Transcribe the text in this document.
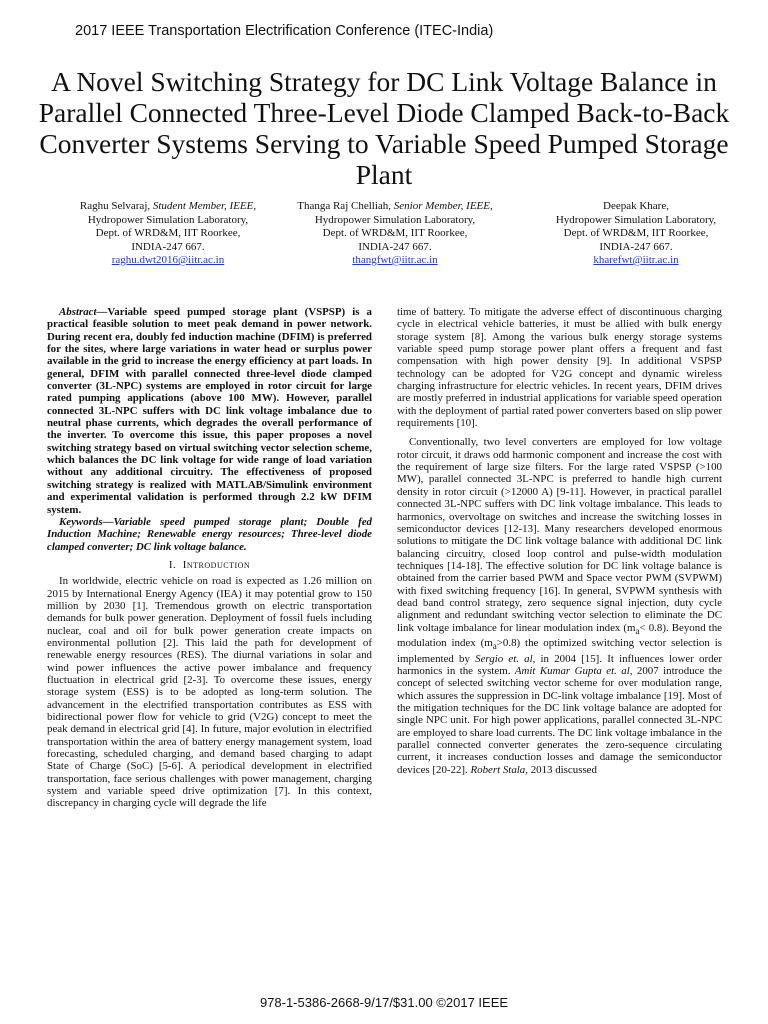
2017 IEEE Transportation Electrification Conference (ITEC-India)
A Novel Switching Strategy for DC Link Voltage Balance in Parallel Connected Three-Level Diode Clamped Back-to-Back Converter Systems Serving to Variable Speed Pumped Storage Plant
Raghu Selvaraj, Student Member, IEEE,
Hydropower Simulation Laboratory,
Dept. of WRD&M, IIT Roorkee,
INDIA-247 667.
raghu.dwt2016@iitr.ac.in
Thanga Raj Chelliah, Senior Member, IEEE,
Hydropower Simulation Laboratory,
Dept. of WRD&M, IIT Roorkee,
INDIA-247 667.
thangfwt@iitr.ac.in
Deepak Khare,
Hydropower Simulation Laboratory,
Dept. of WRD&M, IIT Roorkee,
INDIA-247 667.
kharefwt@iitr.ac.in

Abstract—Variable speed pumped storage plant (VSPSP) is a practical feasible solution to meet peak demand in power network. During recent era, doubly fed induction machine (DFIM) is preferred for the sites, where large variations in water head or surplus power available in the grid to increase the energy efficiency at part loads. In general, DFIM with parallel connected three-level diode clamped converter (3L-NPC) systems are employed in rotor circuit for large rated pumping applications (above 100 MW). However, parallel connected 3L-NPC suffers with DC link voltage imbalance due to neutral phase currents, which degrades the overall performance of the inverter. To overcome this issue, this paper proposes a novel switching strategy based on virtual switching vector selection scheme, which balances the DC link voltage for wide range of load variation without any additional circuitry. The effectiveness of proposed switching strategy is realized with MATLAB/Simulink environment and experimental validation is performed through 2.2 kW DFIM system.

Keywords—Variable speed pumped storage plant; Double fed Induction Machine; Renewable energy resources; Three-level diode clamped converter; DC link voltage balance.

I. Introduction

In worldwide, electric vehicle on road is expected as 1.26 million on 2015 by International Energy Agency (IEA) it may potential grow to 150 million by 2030 [1]. Tremendous growth on electric transportation demands for bulk power generation. Deployment of fossil fuels including nuclear, coal and oil for bulk power generation create impacts on environmental pollution [2]. This laid the path for development of renewable energy resources (RES). The diurnal variations in solar and wind power influences the active power imbalance and frequency fluctuation in electrical grid [2-3]. To overcome these issues, energy storage system (ESS) is to be adopted as long-term solution. The advancement in the electrified transportation contributes as ESS with bidirectional power flow for vehicle to grid (V2G) concept to meet the peak demand in electrical grid [4]. In future, major evolution in electrified transportation within the area of battery energy management system, load forecasting, scheduled charging, and demand based charging to adapt State of Charge (SoC) [5-6]. A periodical development in electrified transportation, face serious challenges with power management, charging system and variable speed drive optimization [7]. In this context, discrepancy in charging cycle will degrade the life

time of battery. To mitigate the adverse effect of discontinuous charging cycle in electrical vehicle batteries, it must be allied with bulk energy storage system [8]. Among the various bulk energy storage systems variable speed pump storage power plant offers a frequent and fast compensation with high power density [9]. In additional VSPSP technology can be adopted for V2G concept and dynamic wireless charging infrastructure for electric vehicles. In recent years, DFIM drives are mostly preferred in industrial applications for variable speed operation with the deployment of partial rated power converters based on slip power requirements [10].

Conventionally, two level converters are employed for low voltage rotor circuit, it draws odd harmonic component and increase the cost with the requirement of large size filters. For the large rated VSPSP (>100 MW), parallel connected 3L-NPC is preferred to handle high current density in rotor circuit (>12000 A) [9-11]. However, in practical parallel connected 3L-NPC suffers with DC link voltage imbalance. This leads to harmonics, overvoltage on switches and increase the switching losses in semiconductor devices [12-13]. Many researchers developed enormous solutions to mitigate the DC link voltage balance with additional DC link balancing circuitry, closed loop control and pulse-width modulation techniques [14-18]. The effective solution for DC link voltage balance is obtained from the carrier based PWM and Space vector PWM (SVPWM) with fixed switching frequency [16]. In general, SVPWM synthesis with dead band control strategy, zero sequence signal injection, duty cycle alignment and redundant switching vector selection to eliminate the DC link voltage imbalance for linear modulation index $(m_a< 0.8)$. Beyond the modulation index $(m_a>0.8)$ the optimized switching vector selection is implemented by Sergio et. al, in 2004 [15]. It influences lower order harmonics in the system. Amit Kumar Gupta et. al, 2007 introduce the concept of selected switching vector scheme for over modulation range, which assures the suppression in DC-link voltage imbalance [19]. Most of the mitigation techniques for the DC link voltage balance are adopted for single NPC unit. For high power applications, parallel connected 3L-NPC are employed to share load currents. The DC link voltage imbalance in the parallel connected converter generates the zero-sequence circulating current, it increases conduction losses and damage the semiconductor devices [20-22]. Robert Stala, 2013 discussed

978-1-5386-2668-9/17/$31.00 ©2017 IEEE
